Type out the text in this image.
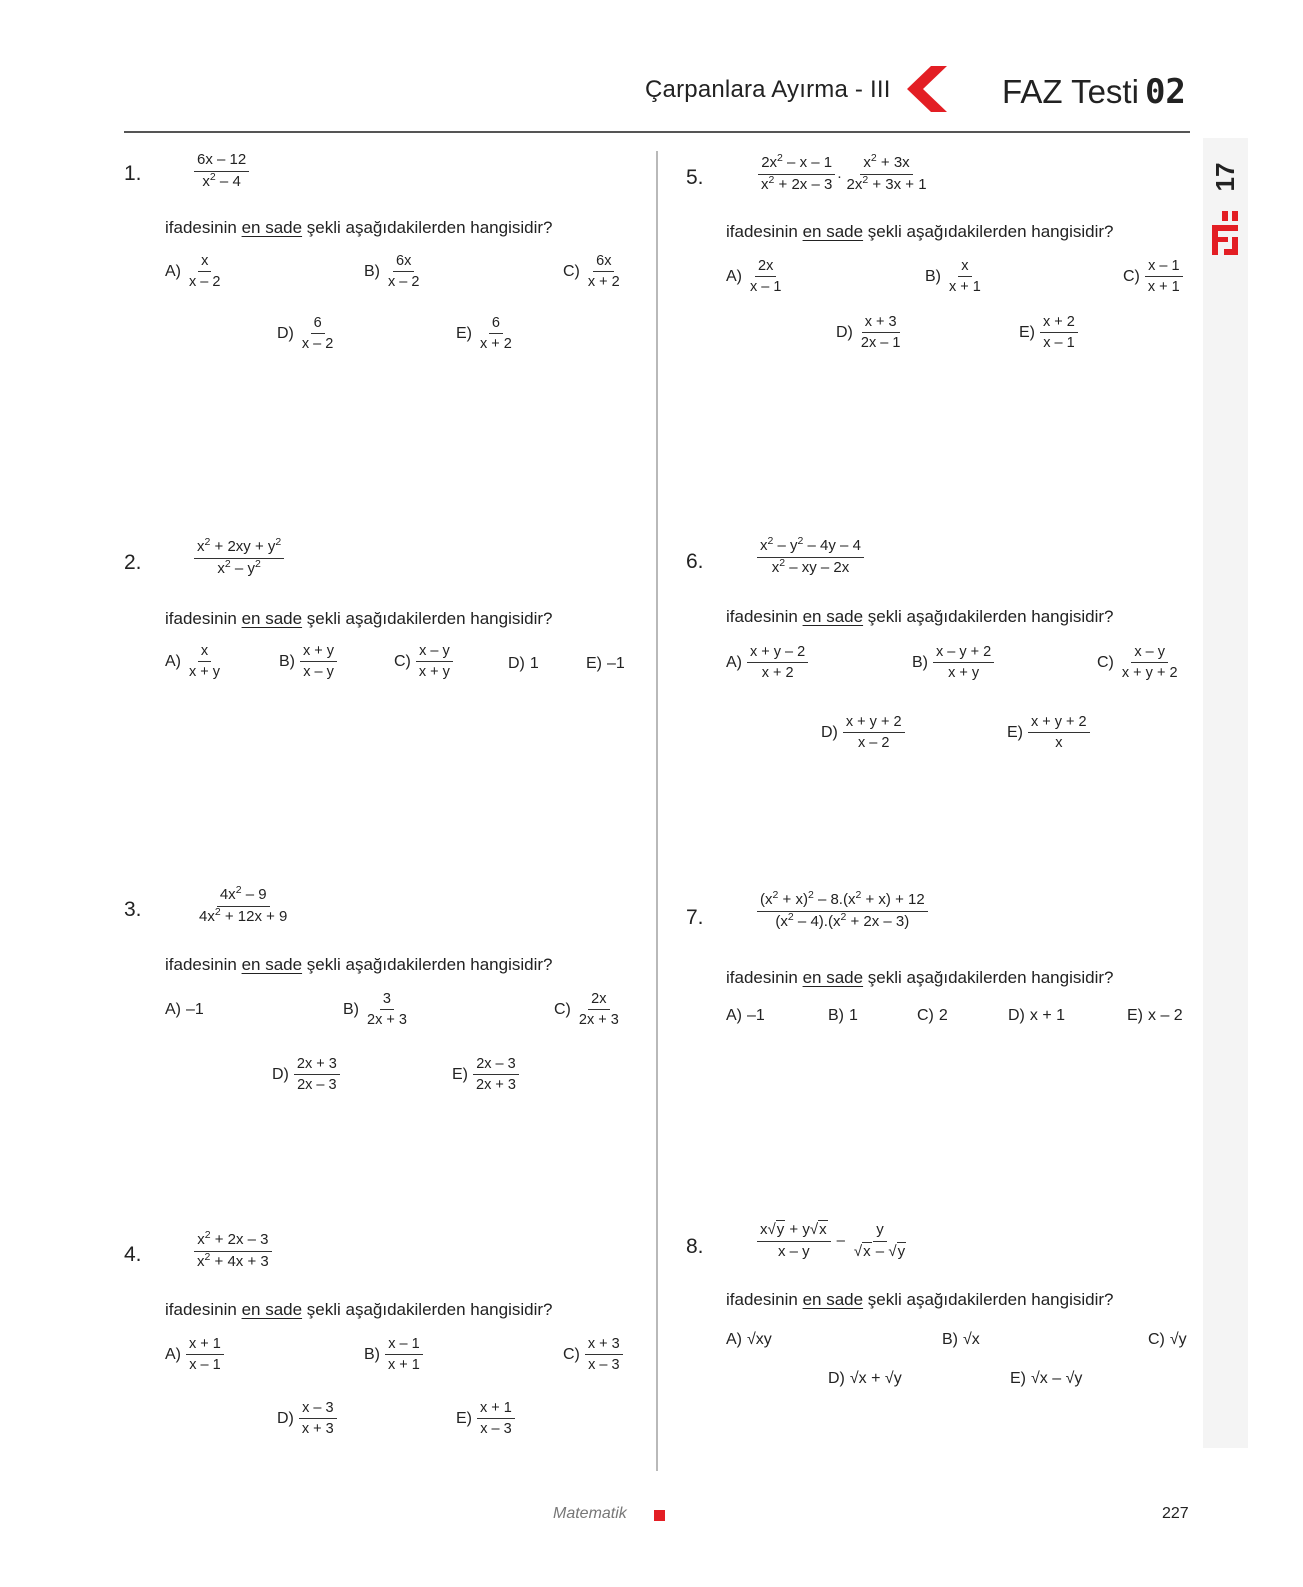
Çarpanlara Ayırma - III	FAZ Testi 02
17
1.	$\frac{6x - 12}{x^2 - 4}$
ifadesinin en sade şekli aşağıdakilerden hangisidir?
$A) \frac{x}{x - 2}$	$B) \frac{6x}{x - 2}$	$C) \frac{6x}{x + 2}$
$D) \frac{6}{x - 2}$	$E) \frac{6}{x + 2}$
2.	$\frac{x^2 + 2xy + y^2}{x^2 - y^2}$
ifadesinin en sade şekli aşağıdakilerden hangisidir?
$A) \frac{x}{x + y}$	$B) \frac{x + y}{x - y}$	$C) \frac{x - y}{x + y}$	D) 1	E) –1
3.	$\frac{4x^2 - 9}{4x^2 + 12x + 9}$
ifadesinin en sade şekli aşağıdakilerden hangisidir?
A) –1	$B) \frac{3}{2x + 3}$	$C) \frac{2x}{2x + 3}$
$D) \frac{2x + 3}{2x - 3}$	$E) \frac{2x - 3}{2x + 3}$
4.	$\frac{x^2 + 2x - 3}{x^2 + 4x + 3}$
ifadesinin en sade şekli aşağıdakilerden hangisidir?
$A) \frac{x + 1}{x - 1}$	$B) \frac{x - 1}{x + 1}$	$C) \frac{x + 3}{x - 3}$
$D) \frac{x - 3}{x + 3}$	$E) \frac{x + 1}{x - 3}$
5.	$\frac{2x^2 - x - 1}{x^2 + 2x - 3}$ . $\frac{x^2 + 3x}{2x^2 + 3x + 1}$
ifadesinin en sade şekli aşağıdakilerden hangisidir?
$A) \frac{2x}{x - 1}$	$B) \frac{x}{x + 1}$	$C) \frac{x - 1}{x + 1}$
$D) \frac{x + 3}{2x - 1}$	$E) \frac{x + 2}{x - 1}$
6.	$\frac{x^2 - y^2 - 4y - 4}{x^2 - xy - 2x}$
ifadesinin en sade şekli aşağıdakilerden hangisidir?
$A) \frac{x + y - 2}{x + 2}$	$B) \frac{x - y + 2}{x + y}$	$C) \frac{x - y}{x + y + 2}$
$D) \frac{x + y + 2}{x - 2}$	$E) \frac{x + y + 2}{x}$
7.	$\frac{(x^2 + x)^2 - 8.(x^2 + x) + 12}{(x^2 - 4).(x^2 + 2x - 3)}$
ifadesinin en sade şekli aşağıdakilerden hangisidir?
A) –1	B) 1	C) 2	D) x + 1	E) x – 2
8.	$\frac{x√y + y√x}{x - y} - \frac{y}{√x - √y}$
ifadesinin en sade şekli aşağıdakilerden hangisidir?
A) √xy	B) √x	C) √y
D) √x + √y	E) √x – √y
Matematik	227
